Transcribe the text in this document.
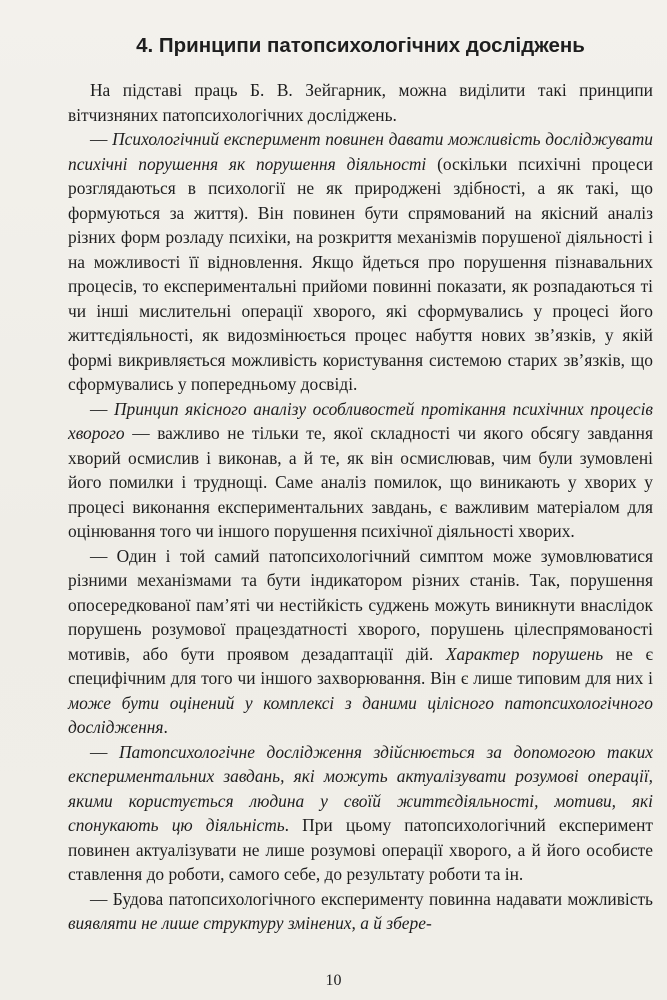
4. Принципи патопсихологічних досліджень

На підставі праць Б. В. Зейгарник, можна виділити такі принципи вітчизняних патопсихологічних досліджень.

— Психологічний експеримент повинен давати можливість досліджувати психічні порушення як порушення діяльності (оскільки психічні процеси розглядаються в психології не як природжені здібності, а як такі, що формуються за життя). Він повинен бути спрямований на якісний аналіз різних форм розладу психіки, на розкриття механізмів порушеної діяльності і на можливості її відновлення. Якщо йдеться про порушення пізнавальних процесів, то експериментальні прийоми повинні показати, як розпадаються ті чи інші мислительні операції хворого, які сформувались у процесі його життєдіяльності, як видозмінюється процес набуття нових зв’язків, у якій формі викривляється можливість користування системою старих зв’язків, що сформувались у попередньому досвіді.

— Принцип якісного аналізу особливостей протікання психічних процесів хворого — важливо не тільки те, якої складності чи якого обсягу завдання хворий осмислив і виконав, а й те, як він осмислював, чим були зумовлені його помилки і труднощі. Саме аналіз помилок, що виникають у хворих у процесі виконання експериментальних завдань, є важливим матеріалом для оцінювання того чи іншого порушення психічної діяльності хворих.

— Один і той самий патопсихологічний симптом може зумовлюватися різними механізмами та бути індикатором різних станів. Так, порушення опосередкованої пам’яті чи нестійкість суджень можуть виникнути внаслідок порушень розумової працездатності хворого, порушень цілеспрямованості мотивів, або бути проявом дезадаптації дій. Характер порушень не є специфічним для того чи іншого захворювання. Він є лише типовим для них і може бути оцінений у комплексі з даними цілісного патопсихологічного дослідження.

— Патопсихологічне дослідження здійснюється за допомогою таких експериментальних завдань, які можуть актуалізувати розумові операції, якими користується людина у своїй життєдіяльності, мотиви, які спонукають цю діяльність. При цьому патопсихологічний експеримент повинен актуалізувати не лише розумові операції хворого, а й його особисте ставлення до роботи, самого себе, до результату роботи та ін.

— Будова патопсихологічного експерименту повинна надавати можливість виявляти не лише структуру змінених, а й збере-

10
